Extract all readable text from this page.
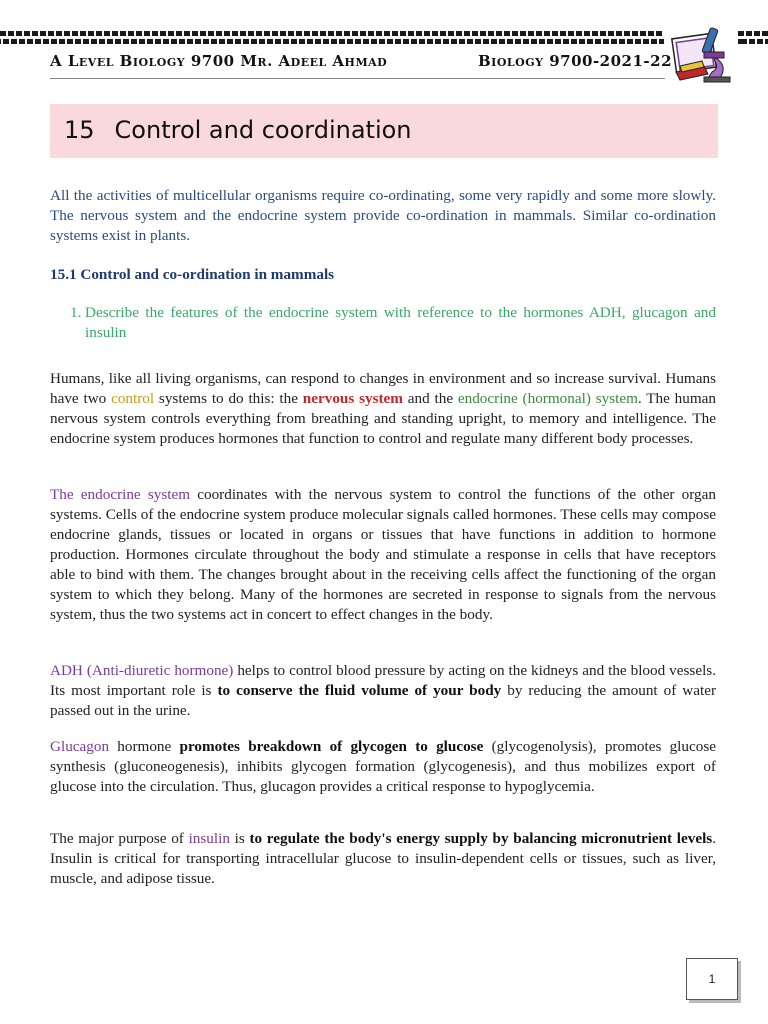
A Level Biology 9700 Mr. Adeel Ahmad	Biology 9700-2021-22
15 Control and coordination

All the activities of multicellular organisms require co-ordinating, some very rapidly and some more slowly. The nervous system and the endocrine system provide co-ordination in mammals. Similar co-ordination systems exist in plants.

15.1 Control and co-ordination in mammals

1. Describe the features of the endocrine system with reference to the hormones ADH, glucagon and insulin

Humans, like all living organisms, can respond to changes in environment and so increase survival. Humans have two control systems to do this: the nervous system and the endocrine (hormonal) system. The human nervous system controls everything from breathing and standing upright, to memory and intelligence. The endocrine system produces hormones that function to control and regulate many different body processes.

The endocrine system coordinates with the nervous system to control the functions of the other organ systems. Cells of the endocrine system produce molecular signals called hormones. These cells may compose endocrine glands, tissues or located in organs or tissues that have functions in addition to hormone production. Hormones circulate throughout the body and stimulate a response in cells that have receptors able to bind with them. The changes brought about in the receiving cells affect the functioning of the organ system to which they belong. Many of the hormones are secreted in response to signals from the nervous system, thus the two systems act in concert to effect changes in the body.

ADH (Anti-diuretic hormone) helps to control blood pressure by acting on the kidneys and the blood vessels. Its most important role is to conserve the fluid volume of your body by reducing the amount of water passed out in the urine.

Glucagon hormone promotes breakdown of glycogen to glucose (glycogenolysis), promotes glucose synthesis (gluconeogenesis), inhibits glycogen formation (glycogenesis), and thus mobilizes export of glucose into the circulation. Thus, glucagon provides a critical response to hypoglycemia.

The major purpose of insulin is to regulate the body's energy supply by balancing micronutrient levels. Insulin is critical for transporting intracellular glucose to insulin-dependent cells or tissues, such as liver, muscle, and adipose tissue.

1
